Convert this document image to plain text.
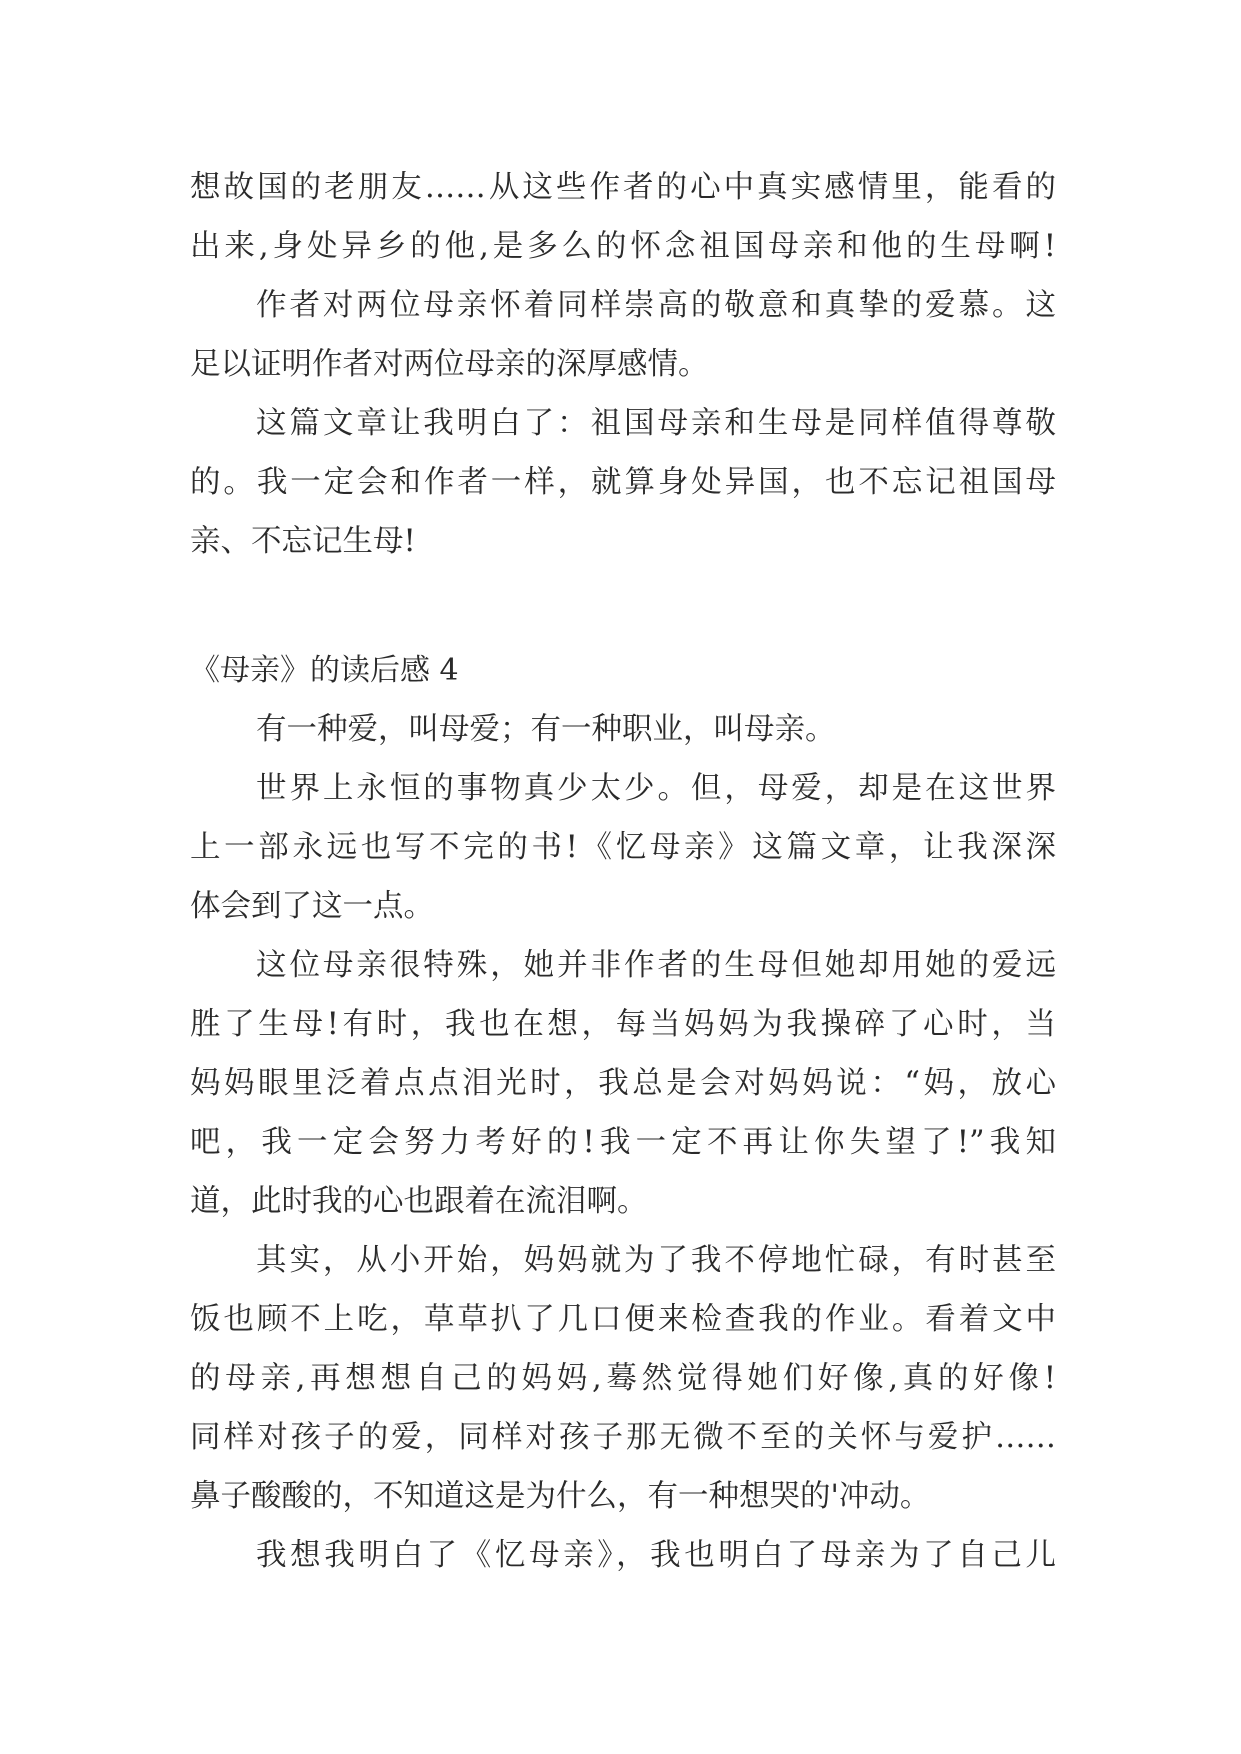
想故国的老朋友……从这些作者的心中真实感情里，能看的
出来,身处异乡的他,是多么的怀念祖国母亲和他的生母啊!
作者对两位母亲怀着同样崇高的敬意和真挚的爱慕。这
足以证明作者对两位母亲的深厚感情。
这篇文章让我明白了：祖国母亲和生母是同样值得尊敬
的。我一定会和作者一样，就算身处异国，也不忘记祖国母
亲、不忘记生母!
《母亲》的读后感 4
有一种爱，叫母爱；有一种职业，叫母亲。
世界上永恒的事物真少太少。但，母爱，却是在这世界
上一部永远也写不完的书!《忆母亲》这篇文章，让我深深
体会到了这一点。
这位母亲很特殊，她并非作者的生母但她却用她的爱远
胜了生母!有时，我也在想，每当妈妈为我操碎了心时，当
妈妈眼里泛着点点泪光时，我总是会对妈妈说：“妈，放心
吧，我一定会努力考好的!我一定不再让你失望了!”我知
道，此时我的心也跟着在流泪啊。
其实，从小开始，妈妈就为了我不停地忙碌，有时甚至
饭也顾不上吃，草草扒了几口便来检查我的作业。看着文中
的母亲,再想想自己的妈妈,蓦然觉得她们好像,真的好像!
同样对孩子的爱，同样对孩子那无微不至的关怀与爱护……
鼻子酸酸的，不知道这是为什么，有一种想哭的'冲动。
我想我明白了《忆母亲》，我也明白了母亲为了自己儿
